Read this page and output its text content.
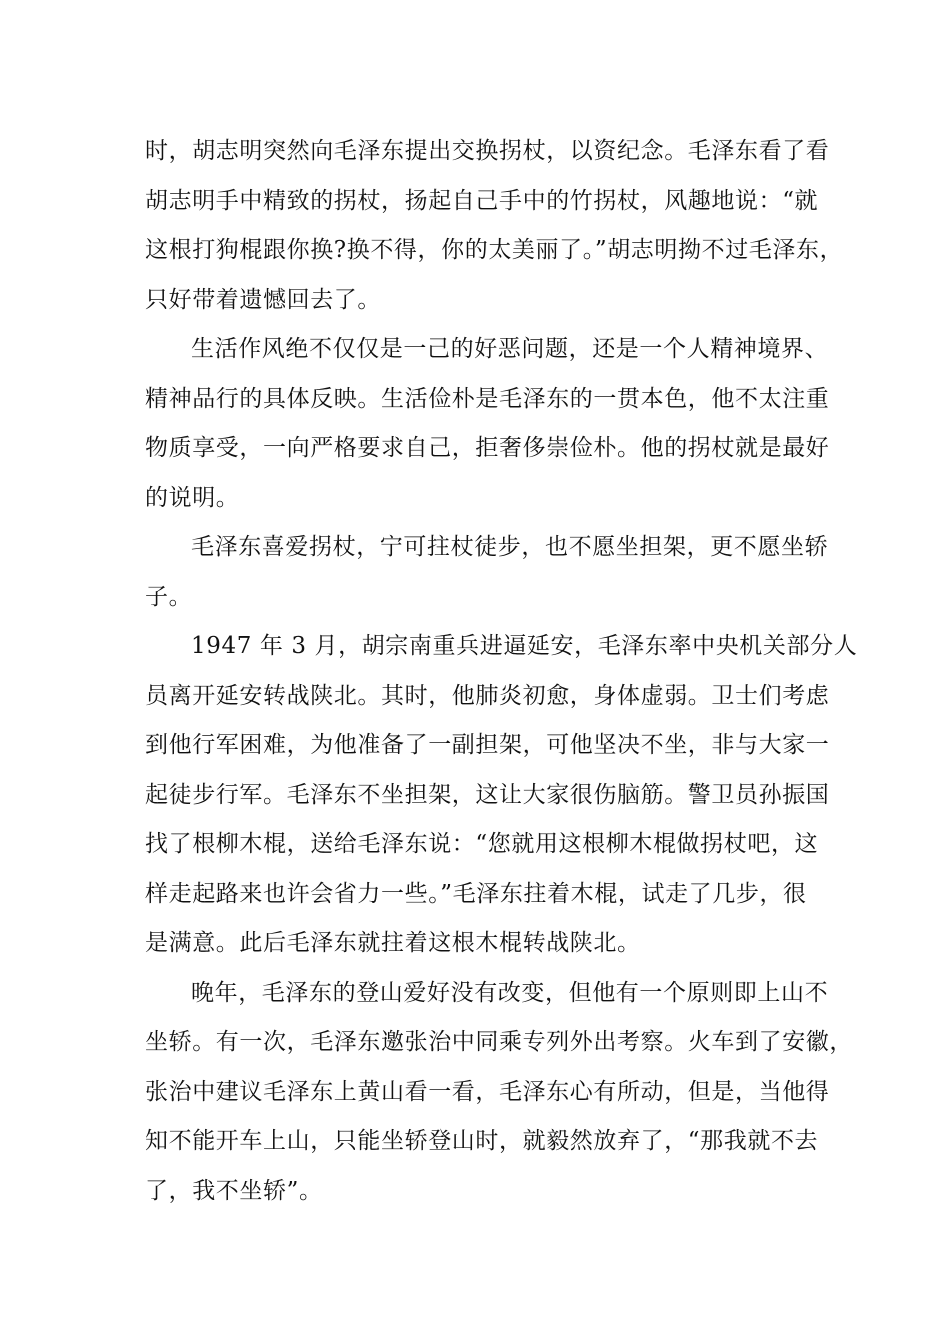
时，胡志明突然向毛泽东提出交换拐杖，以资纪念。毛泽东看了看
胡志明手中精致的拐杖，扬起自己手中的竹拐杖，风趣地说：“就
这根打狗棍跟你换?换不得，你的太美丽了。”胡志明拗不过毛泽东，
只好带着遗憾回去了。
生活作风绝不仅仅是一己的好恶问题，还是一个人精神境界、
精神品行的具体反映。生活俭朴是毛泽东的一贯本色，他不太注重
物质享受，一向严格要求自己，拒奢侈崇俭朴。他的拐杖就是最好
的说明。
毛泽东喜爱拐杖，宁可拄杖徒步，也不愿坐担架，更不愿坐轿
子。
1947 年 3 月，胡宗南重兵进逼延安，毛泽东率中央机关部分人
员离开延安转战陕北。其时，他肺炎初愈，身体虚弱。卫士们考虑
到他行军困难，为他准备了一副担架，可他坚决不坐，非与大家一
起徒步行军。毛泽东不坐担架，这让大家很伤脑筋。警卫员孙振国
找了根柳木棍，送给毛泽东说：“您就用这根柳木棍做拐杖吧，这
样走起路来也许会省力一些。”毛泽东拄着木棍，试走了几步，很
是满意。此后毛泽东就拄着这根木棍转战陕北。
晚年，毛泽东的登山爱好没有改变，但他有一个原则即上山不
坐轿。有一次，毛泽东邀张治中同乘专列外出考察。火车到了安徽，
张治中建议毛泽东上黄山看一看，毛泽东心有所动，但是，当他得
知不能开车上山，只能坐轿登山时，就毅然放弃了，“那我就不去
了，我不坐轿”。
